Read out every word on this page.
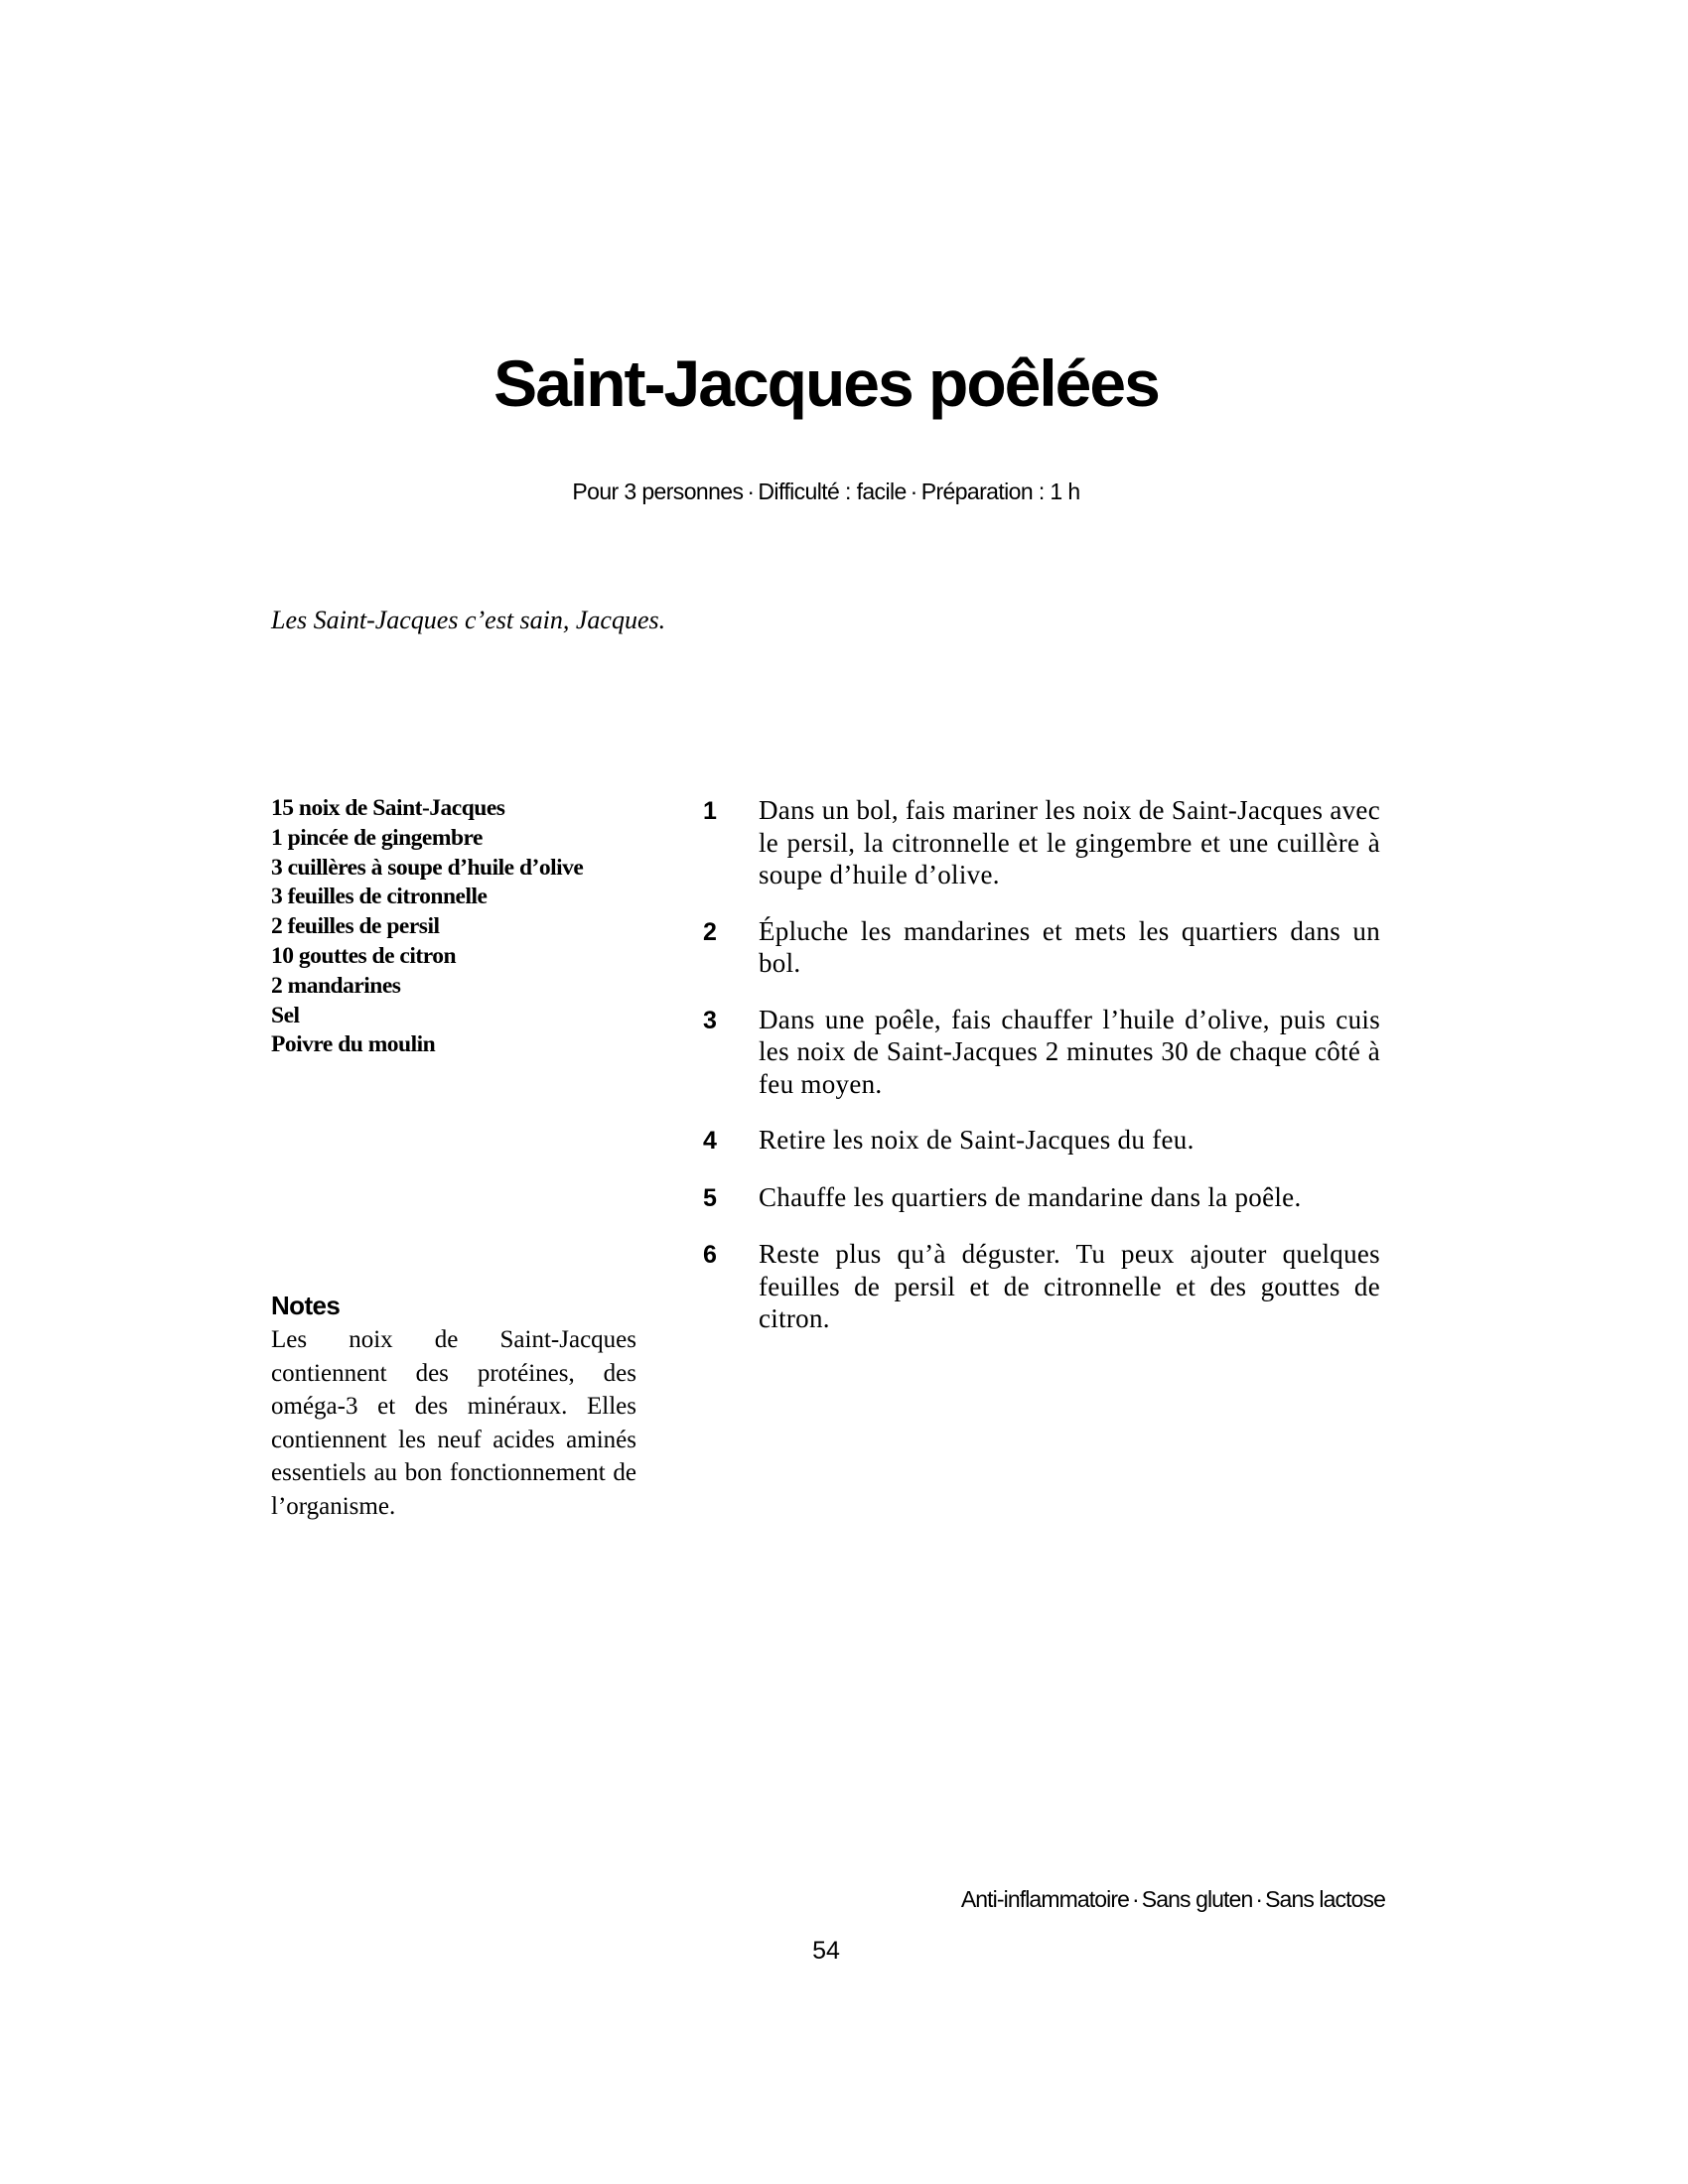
Saint-Jacques poêlées
Pour 3 personnes · Difficulté : facile · Préparation : 1 h
Les Saint-Jacques c’est sain, Jacques.
15 noix de Saint-Jacques
1 pincée de gingembre
3 cuillères à soupe d’huile d’olive
3 feuilles de citronnelle
2 feuilles de persil
10 gouttes de citron
2 mandarines
Sel
Poivre du moulin
Notes
Les noix de Saint-Jacques contiennent des protéines, des oméga-3 et des minéraux. Elles contiennent les neuf acides aminés essentiels au bon fonctionnement de l’organisme.
1	Dans un bol, fais mariner les noix de Saint-Jacques avec le persil, la citronnelle et le gingembre et une cuillère à soupe d’huile d’olive.
2	Épluche les mandarines et mets les quartiers dans un bol.
3	Dans une poêle, fais chauffer l’huile d’olive, puis cuis les noix de Saint-Jacques 2 minutes 30 de chaque côté à feu moyen.
4	Retire les noix de Saint-Jacques du feu.
5	Chauffe les quartiers de mandarine dans la poêle.
6	Reste plus qu’à déguster. Tu peux ajouter quelques feuilles de persil et de citronnelle et des gouttes de citron.
Anti-inflammatoire · Sans gluten · Sans lactose
54
